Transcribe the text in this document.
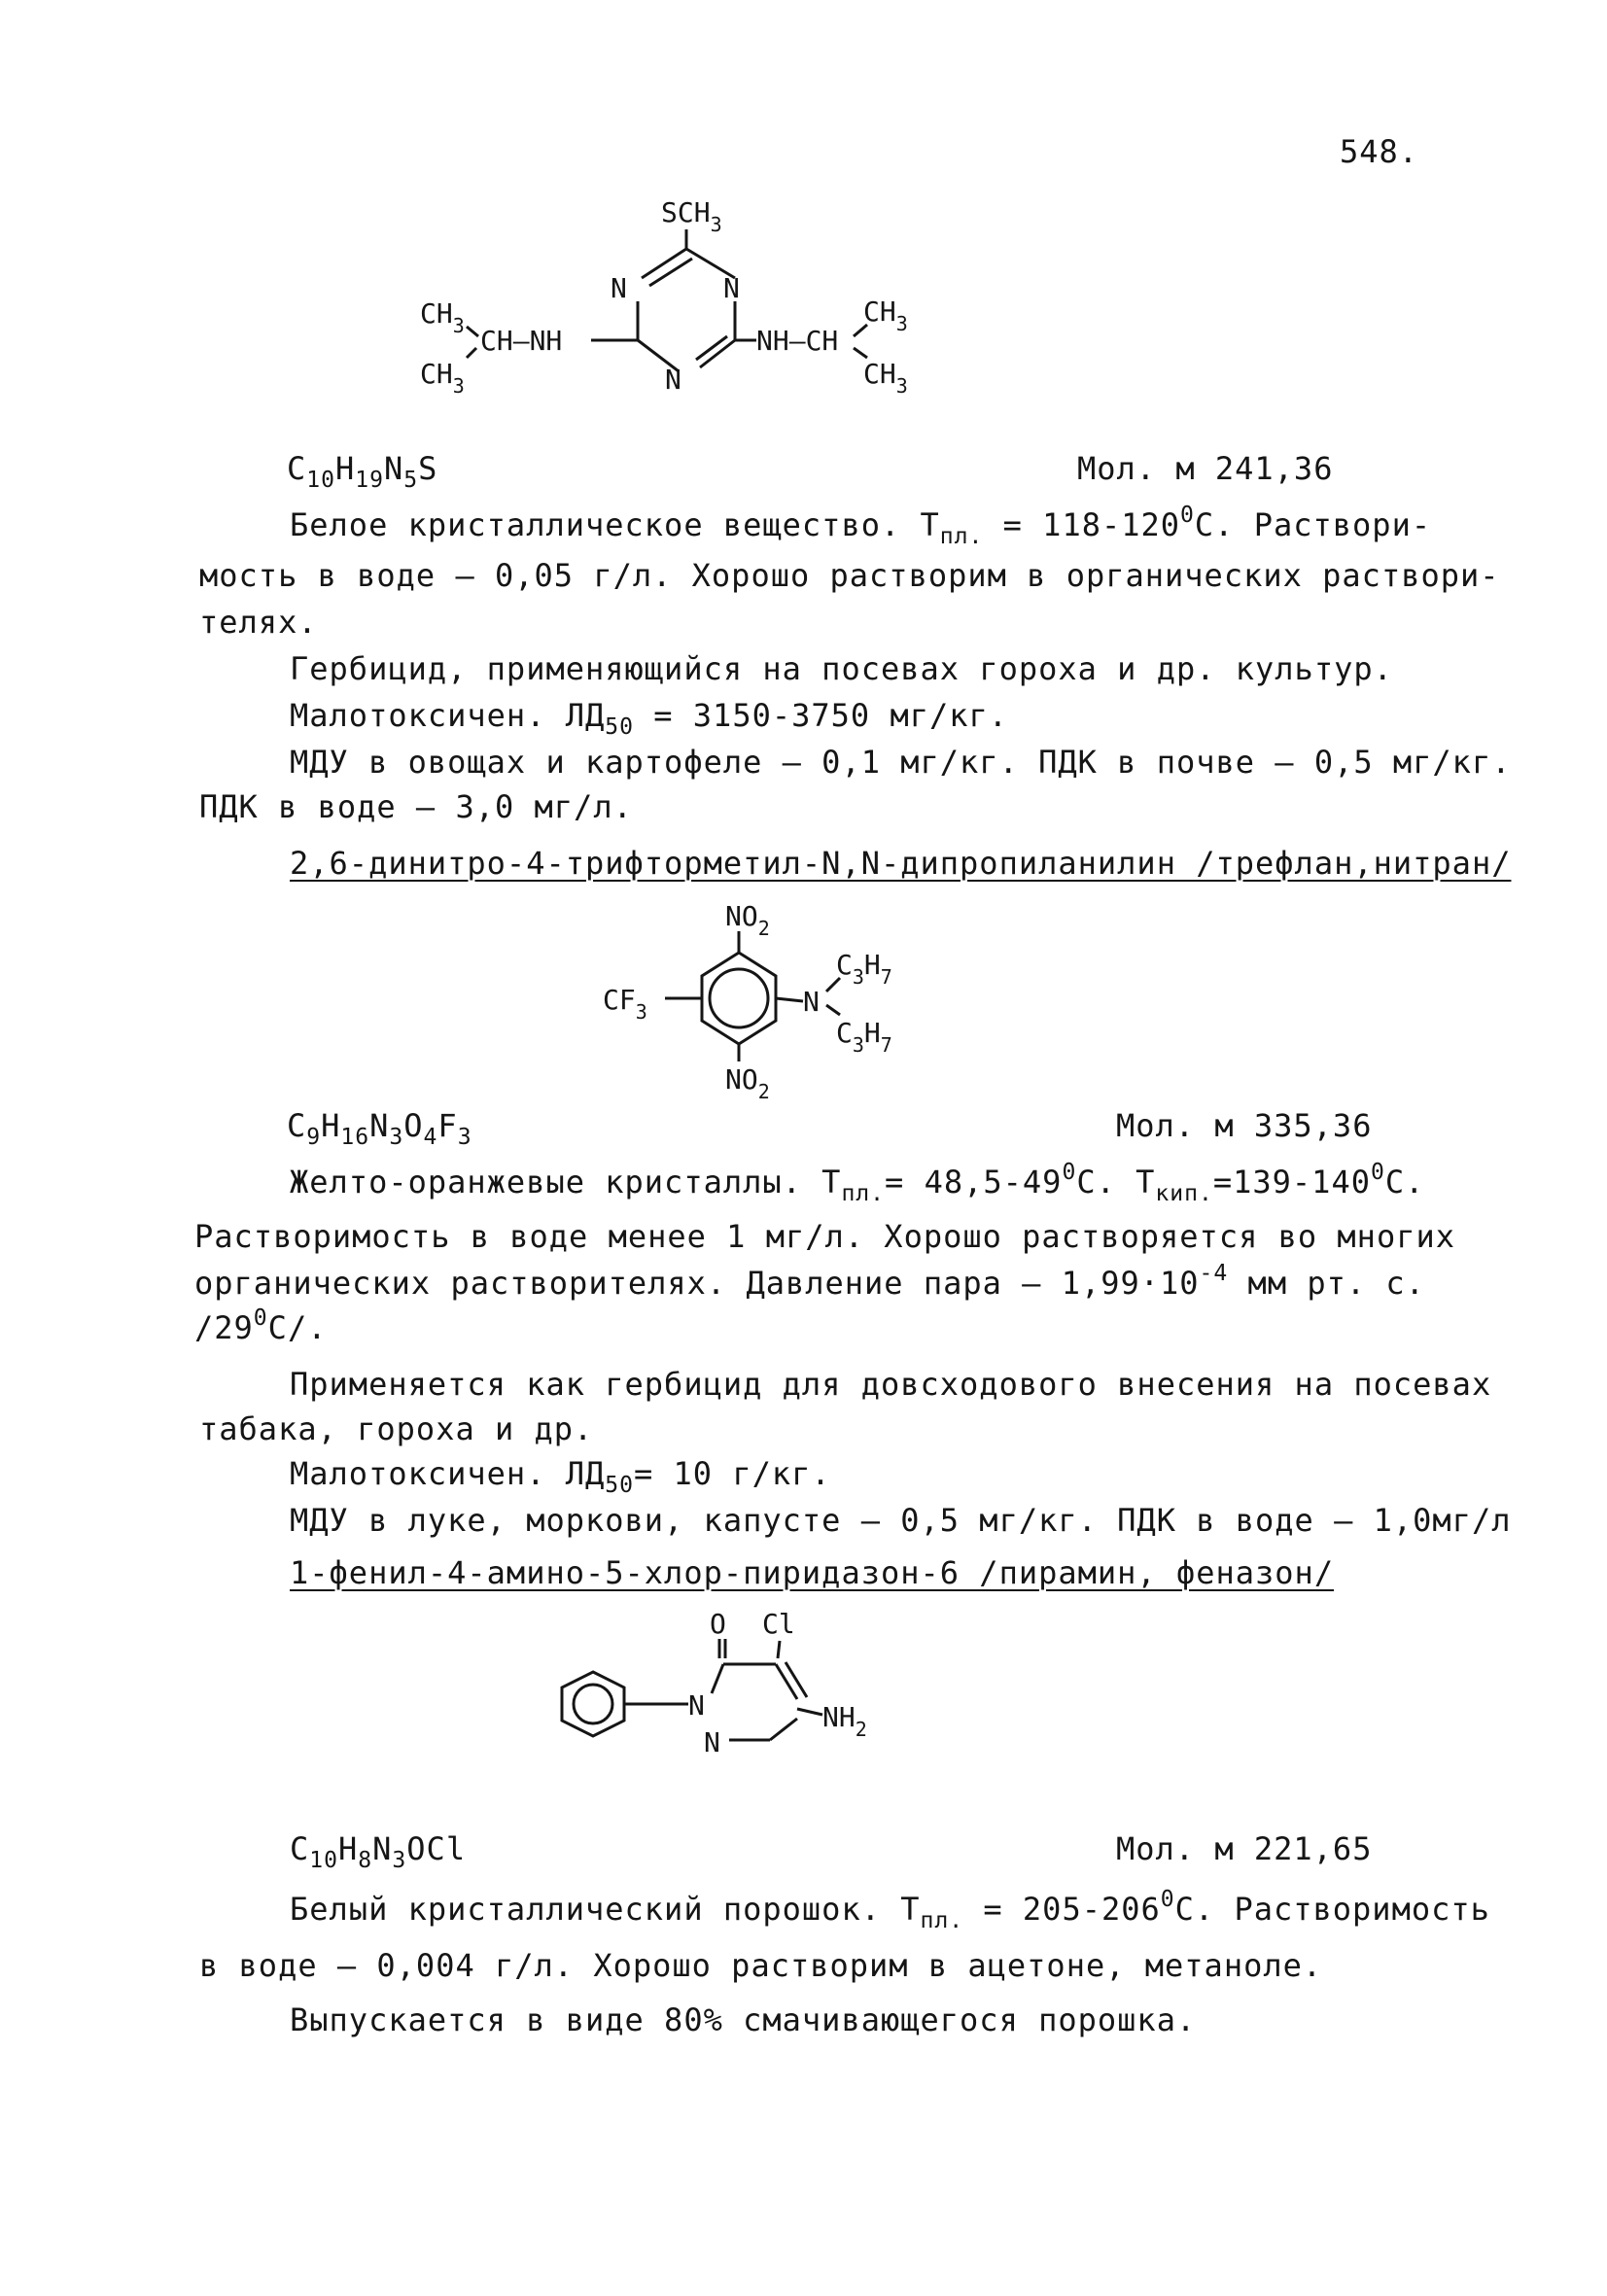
548.
$SCH_3$
N	N
N
$CH_3$ CH–NH
$CH_3$
NH–CH
$CH_3$
$CH_3$
$C_{10}H_{19}N_5S$	Мол. м 241,36
Белое кристаллическое вещество. $Т_{пл.} = 118-120^0С$. Раствори-
мость в воде – 0,05 г/л. Хорошо растворим в органических раствори-
телях.
Гербицид, применяющийся на посевах гороха и др. культур.
Малотоксичен. $ЛД_{50} = 3150-3750$ мг/кг.
МДУ в овощах и картофеле – 0,1 мг/кг. ПДК в почве – 0,5 мг/кг.
ПДК в воде – 3,0 мг/л.
2,6-динитро-4-трифторметил-N,N-дипропиланилин /трефлан,нитран/
$NO_2$
$CF_3$	N
$C_3H_7$
$C_3H_7$
$NO_2$
$C_9H_{16}N_3O_4F_3$	Мол. м 335,36
Желто-оранжевые кристаллы. $Т_{пл.}= 48,5-49^0С$. $Т_{кип.}=139-140^0С$.
Растворимость в воде менее 1 мг/л. Хорошо растворяется во многих
органических растворителях. Давление пара – $1,99\cdot 10^{-4}$ мм рт. с.
$/29^0С/$.
Применяется как гербицид для довсходового внесения на посевах
табака, гороха и др.
Малотоксичен. $ЛД_{50}= 10$ г/кг.
МДУ в луке, моркови, капусте – 0,5 мг/кг. ПДК в воде – 1,0мг/л
1-фенил-4-амино-5-хлор-пиридазон-6 /пирамин, феназон/
O Cl
N
N
$NH_2$
$C_{10}H_8N_3OCl$	Мол. м 221,65
Белый кристаллический порошок. $Т_{пл.} = 205-206^0С$. Растворимость
в воде – 0,004 г/л. Хорошо растворим в ацетоне, метаноле.
Выпускается в виде 80% смачивающегося порошка.
